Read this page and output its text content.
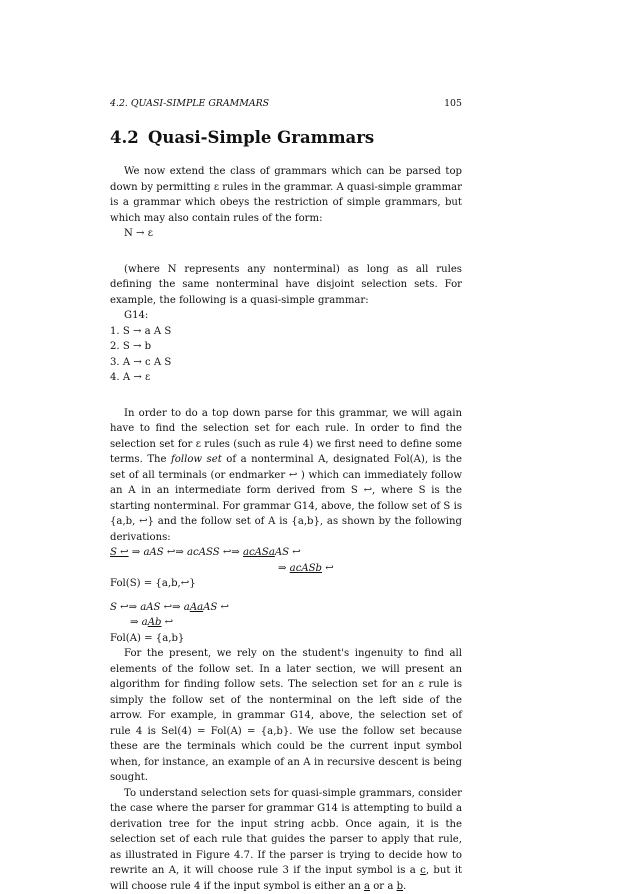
4.2. QUASI-SIMPLE GRAMMARS	105
4.2 Quasi-Simple Grammars

We now extend the class of grammars which can be parsed top down by permitting ε rules in the grammar. A quasi-simple grammar is a grammar which obeys the restriction of simple grammars, but which may also contain rules of the form:

N → ε

(where N represents any nonterminal) as long as all rules defining the same nonterminal have disjoint selection sets. For example, the following is a quasi-simple grammar:

G14:
1. S → a A S
2. S → b
3. A → c A S
4. A → ε

In order to do a top down parse for this grammar, we will again have to find the selection set for each rule. In order to find the selection set for ε rules (such as rule 4) we first need to define some terms. The follow set of a nonterminal A, designated Fol(A), is the set of all terminals (or endmarker ↩ ) which can immediately follow an A in an intermediate form derived from S ↩, where S is the starting nonterminal. For grammar G14, above, the follow set of S is {a,b, ↩} and the follow set of A is {a,b}, as shown by the following derivations:

S ↩ ⇒ aAS ↩⇒ acASS ↩⇒ acASaAS ↩
⇒ acASb ↩
Fol(S) = {a,b,↩}
S ↩⇒ aAS ↩⇒ aAaAS ↩
⇒ aAb ↩
Fol(A) = {a,b}

For the present, we rely on the student's ingenuity to find all elements of the follow set. In a later section, we will present an algorithm for finding follow sets. The selection set for an ε rule is simply the follow set of the nonterminal on the left side of the arrow. For example, in grammar G14, above, the selection set of rule 4 is Sel(4) = Fol(A) = {a,b}. We use the follow set because these are the terminals which could be the current input symbol when, for instance, an example of an A in recursive descent is being sought.

To understand selection sets for quasi-simple grammars, consider the case where the parser for grammar G14 is attempting to build a derivation tree for the input string acbb. Once again, it is the selection set of each rule that guides the parser to apply that rule, as illustrated in Figure 4.7. If the parser is trying to decide how to rewrite an A, it will choose rule 3 if the input symbol is a c, but it will choose rule 4 if the input symbol is either an a or a b.
